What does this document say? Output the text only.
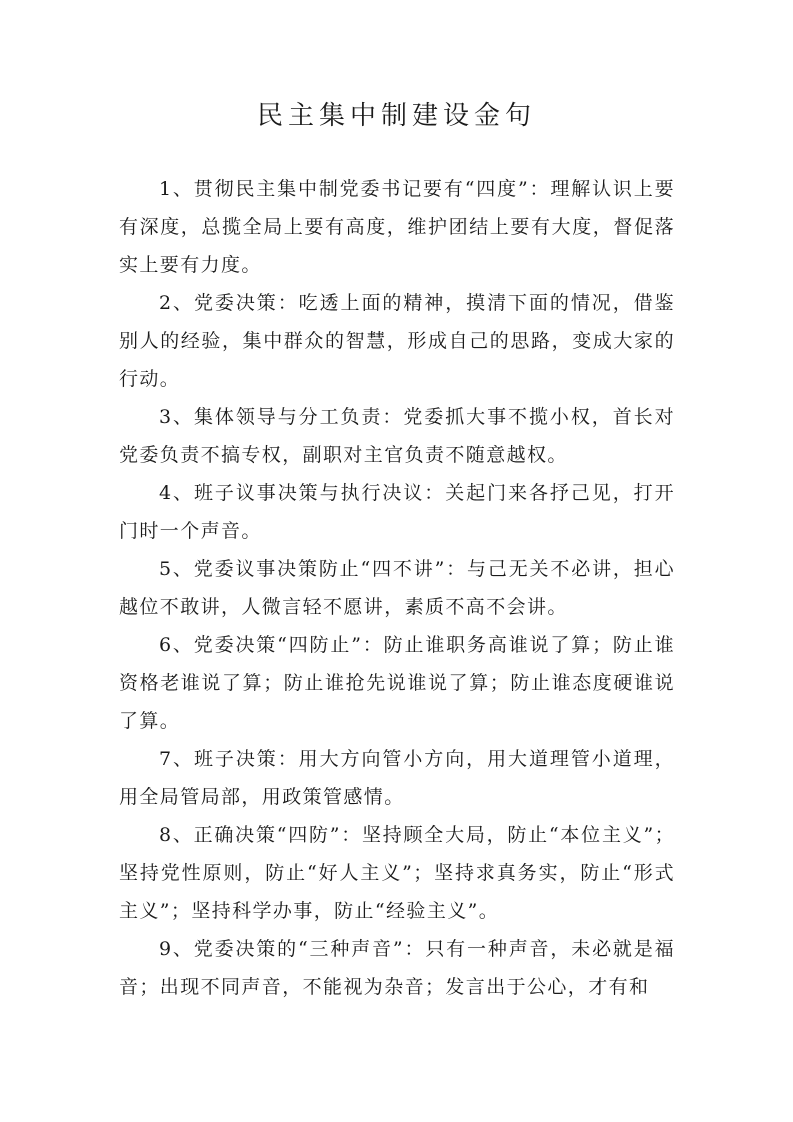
民主集中制建设金句

1、贯彻民主集中制党委书记要有“四度”：理解认识上要有深度，总揽全局上要有高度，维护团结上要有大度，督促落实上要有力度。

2、党委决策：吃透上面的精神，摸清下面的情况，借鉴别人的经验，集中群众的智慧，形成自己的思路，变成大家的行动。

3、集体领导与分工负责：党委抓大事不揽小权，首长对党委负责不搞专权，副职对主官负责不随意越权。

4、班子议事决策与执行决议：关起门来各抒己见，打开门时一个声音。

5、党委议事决策防止“四不讲”：与己无关不必讲，担心越位不敢讲，人微言轻不愿讲，素质不高不会讲。

6、党委决策“四防止”：防止谁职务高谁说了算；防止谁资格老谁说了算；防止谁抢先说谁说了算；防止谁态度硬谁说了算。

7、班子决策：用大方向管小方向，用大道理管小道理，用全局管局部，用政策管感情。

8、正确决策“四防”：坚持顾全大局，防止“本位主义”；坚持党性原则，防止“好人主义”；坚持求真务实，防止“形式主义”；坚持科学办事，防止“经验主义”。

9、党委决策的“三种声音”：只有一种声音，未必就是福音；出现不同声音，不能视为杂音；发言出于公心，才有和
